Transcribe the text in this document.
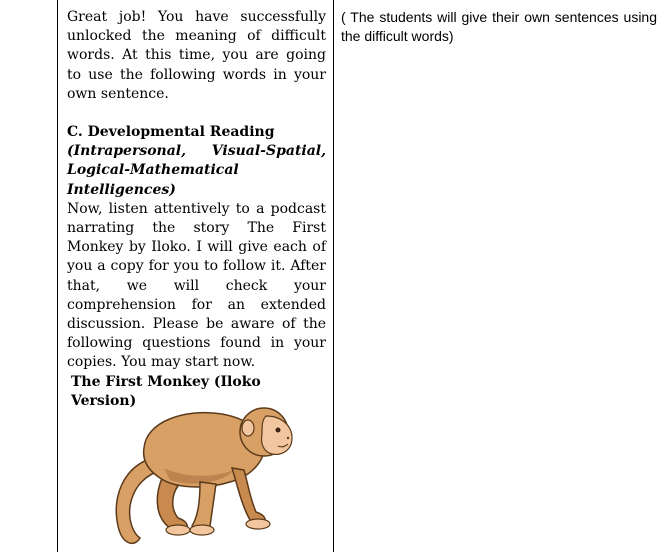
Great job! You have successfully unlocked the meaning of difficult words. At this time, you are going to use the following words in your own sentence.

C. Developmental Reading

(Intrapersonal, Visual-Spatial, Logical-Mathematical Intelligences)

Now, listen attentively to a podcast narrating the story The First Monkey by Iloko. I will give each of you a copy for you to follow it. After that, we will check your comprehension for an extended discussion. Please be aware of the following questions found in your copies. You may start now.

The First Monkey (Iloko Version)

( The students will give their own sentences using the difficult words)
